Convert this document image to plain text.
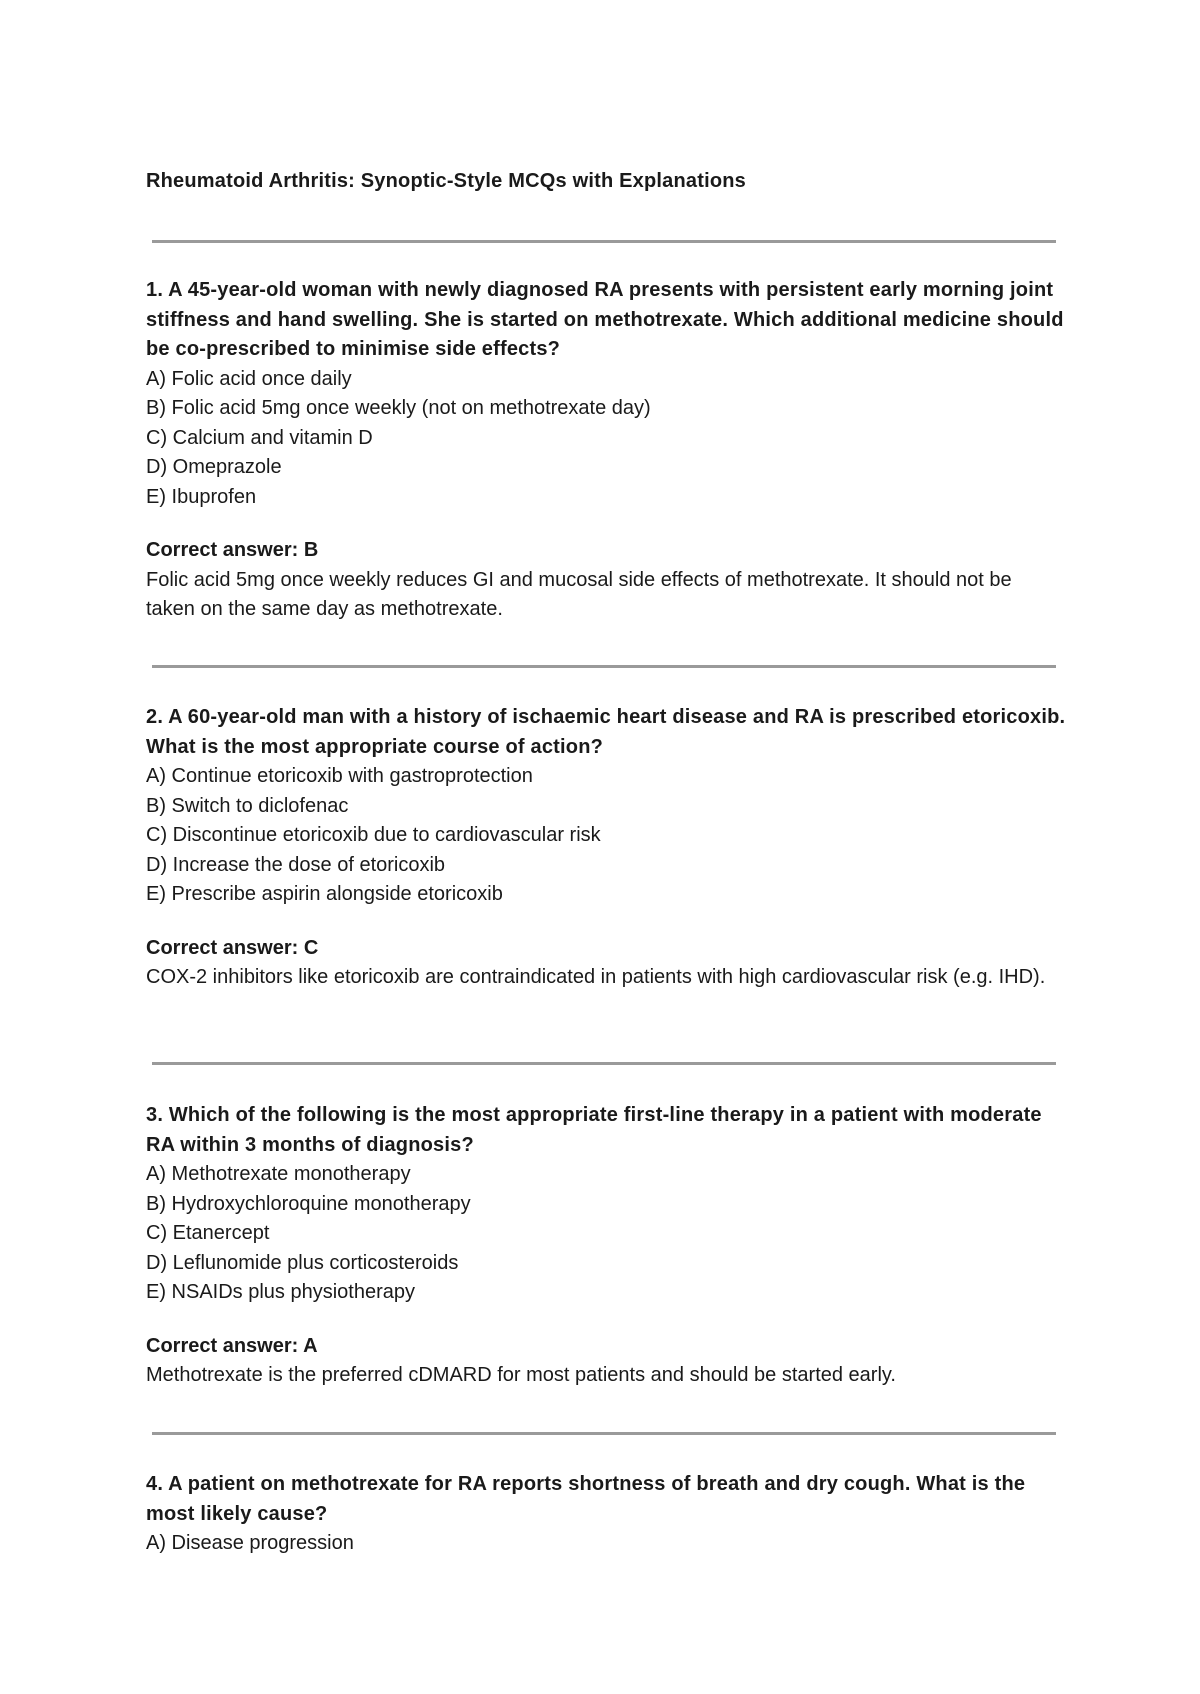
Rheumatoid Arthritis: Synoptic-Style MCQs with Explanations
1. A 45-year-old woman with newly diagnosed RA presents with persistent early morning joint stiffness and hand swelling. She is started on methotrexate. Which additional medicine should be co-prescribed to minimise side effects?
A) Folic acid once daily
B) Folic acid 5mg once weekly (not on methotrexate day)
C) Calcium and vitamin D
D) Omeprazole
E) Ibuprofen
Correct answer: B
Folic acid 5mg once weekly reduces GI and mucosal side effects of methotrexate. It should not be taken on the same day as methotrexate.
2. A 60-year-old man with a history of ischaemic heart disease and RA is prescribed etoricoxib. What is the most appropriate course of action?
A) Continue etoricoxib with gastroprotection
B) Switch to diclofenac
C) Discontinue etoricoxib due to cardiovascular risk
D) Increase the dose of etoricoxib
E) Prescribe aspirin alongside etoricoxib
Correct answer: C
COX-2 inhibitors like etoricoxib are contraindicated in patients with high cardiovascular risk (e.g. IHD).
3. Which of the following is the most appropriate first-line therapy in a patient with moderate RA within 3 months of diagnosis?
A) Methotrexate monotherapy
B) Hydroxychloroquine monotherapy
C) Etanercept
D) Leflunomide plus corticosteroids
E) NSAIDs plus physiotherapy
Correct answer: A
Methotrexate is the preferred cDMARD for most patients and should be started early.
4. A patient on methotrexate for RA reports shortness of breath and dry cough. What is the most likely cause?
A) Disease progression
